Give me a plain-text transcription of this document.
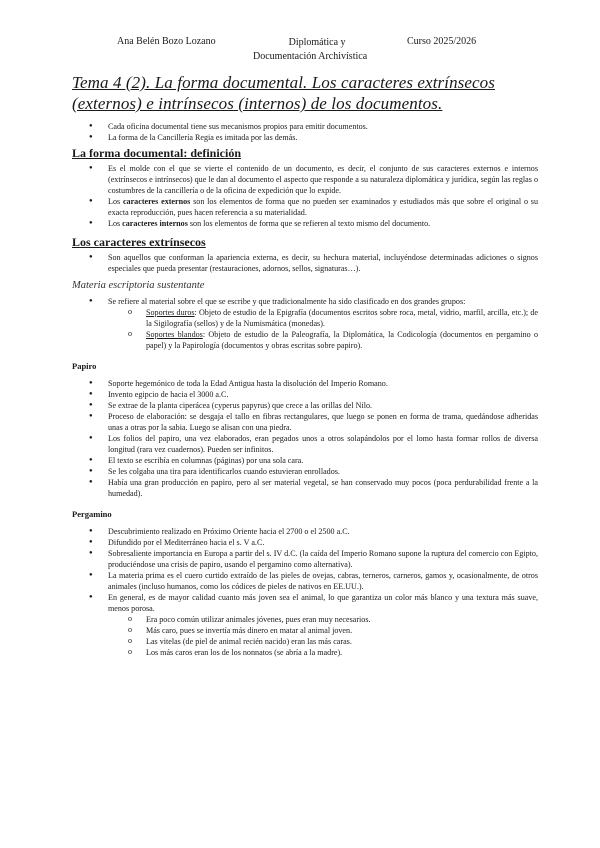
Ana Belén Bozo Lozano	Diplomática y
Documentación Archivística
Curso 2025/2026
Tema 4 (2). La forma documental. Los caracteres extrínsecos (externos) e intrínsecos (internos) de los documentos.
● Cada oficina documental tiene sus mecanismos propios para emitir documentos.
● La forma de la Cancillería Regia es imitada por las demás.
La forma documental: definición
● Es el molde con el que se vierte el contenido de un documento, es decir, el conjunto de sus caracteres externos e internos (extrínsecos e intrínsecos) que le dan al documento el aspecto que responde a su naturaleza diplomática y jurídica, según las reglas o costumbres de la cancillería o de la oficina de expedición que lo expide.
● Los caracteres externos son los elementos de forma que no pueden ser examinados y estudiados más que sobre el original o su exacta reproducción, pues hacen referencia a su materialidad.
● Los caracteres internos son los elementos de forma que se refieren al texto mismo del documento.
Los caracteres extrínsecos
● Son aquellos que conforman la apariencia externa, es decir, su hechura material, incluyéndose determinadas adiciones o signos especiales que pueda presentar (restauraciones, adornos, sellos, signaturas…).
Materia escriptoria sustentante
● Se refiere al material sobre el que se escribe y que tradicionalmente ha sido clasificado en dos grandes grupos:
o Soportes duros: Objeto de estudio de la Epigrafía (documentos escritos sobre roca, metal, vidrio, marfil, arcilla, etc.); de la Sigilografía (sellos) y de la Numismática (monedas).
o Soportes blandos: Objeto de estudio de la Paleografía, la Diplomática, la Codicología (documentos en pergamino o papel) y la Papirología (documentos y obras escritas sobre papiro).
Papiro
● Soporte hegemónico de toda la Edad Antigua hasta la disolución del Imperio Romano.
● Invento egipcio de hacia el 3000 a.C.
● Se extrae de la planta ciperácea (cyperus papyrus) que crece a las orillas del Nilo.
● Proceso de elaboración: se desgaja el tallo en fibras rectangulares, que luego se ponen en forma de trama, quedándose adheridas unas a otras por la sabia. Luego se alisan con una piedra.
● Los folios del papiro, una vez elaborados, eran pegados unos a otros solapándolos por el lomo hasta formar rollos de diversa longitud (rara vez cuadernos). Pueden ser infinitos.
● El texto se escribía en columnas (páginas) por una sola cara.
● Se les colgaba una tira para identificarlos cuando estuvieran enrollados.
● Había una gran producción en papiro, pero al ser material vegetal, se han conservado muy pocos (poca perdurabilidad frente a la humedad).
Pergamino
● Descubrimiento realizado en Próximo Oriente hacia el 2700 o el 2500 a.C.
● Difundido por el Mediterráneo hacia el s. V a.C.
● Sobresaliente importancia en Europa a partir del s. IV d.C. (la caída del Imperio Romano supone la ruptura del comercio con Egipto, produciéndose una crisis de papiro, usando el pergamino como alternativa).
● La materia prima es el cuero curtido extraído de las pieles de ovejas, cabras, terneros, carneros, gamos y, ocasionalmente, de otros animales (incluso humanos, como los códices de pieles de nativos en EE.UU.).
● En general, es de mayor calidad cuanto más joven sea el animal, lo que garantiza un color más blanco y una textura más suave, menos porosa.
o Era poco común utilizar animales jóvenes, pues eran muy necesarios.
o Más caro, pues se invertía más dinero en matar al animal joven.
o Las vitelas (de piel de animal recién nacido) eran las más caras.
o Los más caros eran los de los nonnatos (se abría a la madre).
